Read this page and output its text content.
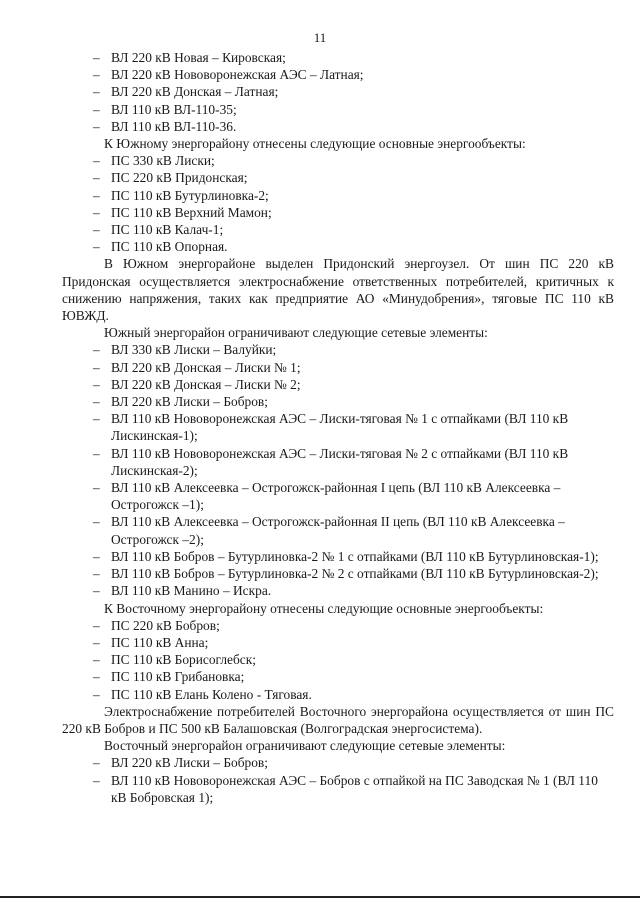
11
– ВЛ 220 кВ Новая – Кировская;
– ВЛ 220 кВ Нововоронежская АЭС – Латная;
– ВЛ 220 кВ Донская – Латная;
– ВЛ 110 кВ ВЛ-110-35;
– ВЛ 110 кВ ВЛ-110-36.
К Южному энергорайону отнесены следующие основные энергообъекты:
– ПС 330 кВ Лиски;
– ПС 220 кВ Придонская;
– ПС 110 кВ Бутурлиновка-2;
– ПС 110 кВ Верхний Мамон;
– ПС 110 кВ Калач-1;
– ПС 110 кВ Опорная.
В Южном энергорайоне выделен Придонский энергоузел. От шин ПС 220 кВ Придонская осуществляется электроснабжение ответственных потребителей, критичных к снижению напряжения, таких как предприятие АО «Минудобрения», тяговые ПС 110 кВ ЮВЖД.
Южный энергорайон ограничивают следующие сетевые элементы:
– ВЛ 330 кВ Лиски – Валуйки;
– ВЛ 220 кВ Донская – Лиски № 1;
– ВЛ 220 кВ Донская – Лиски № 2;
– ВЛ 220 кВ Лиски – Бобров;
– ВЛ 110 кВ Нововоронежская АЭС – Лиски-тяговая № 1 с отпайками (ВЛ 110 кВ Лискинская-1);
– ВЛ 110 кВ Нововоронежская АЭС – Лиски-тяговая № 2 с отпайками (ВЛ 110 кВ Лискинская-2);
– ВЛ 110 кВ Алексеевка – Острогожск-районная I цепь (ВЛ 110 кВ Алексеевка – Острогожск –1);
– ВЛ 110 кВ Алексеевка – Острогожск-районная II цепь (ВЛ 110 кВ Алексеевка – Острогожск –2);
– ВЛ 110 кВ Бобров – Бутурлиновка-2 № 1 с отпайками (ВЛ 110 кВ Бутурлиновская-1);
– ВЛ 110 кВ Бобров – Бутурлиновка-2 № 2 с отпайками (ВЛ 110 кВ Бутурлиновская-2);
– ВЛ 110 кВ Манино – Искра.
К Восточному энергорайону отнесены следующие основные энергообъекты:
– ПС 220 кВ Бобров;
– ПС 110 кВ Анна;
– ПС 110 кВ Борисоглебск;
– ПС 110 кВ Грибановка;
– ПС 110 кВ Елань Колено - Тяговая.
Электроснабжение потребителей Восточного энергорайона осуществляется от шин ПС 220 кВ Бобров и ПС 500 кВ Балашовская (Волгоградская энергосистема).
Восточный энергорайон ограничивают следующие сетевые элементы:
– ВЛ 220 кВ Лиски – Бобров;
– ВЛ 110 кВ Нововоронежская АЭС – Бобров с отпайкой на ПС Заводская № 1 (ВЛ 110 кВ Бобровская 1);
